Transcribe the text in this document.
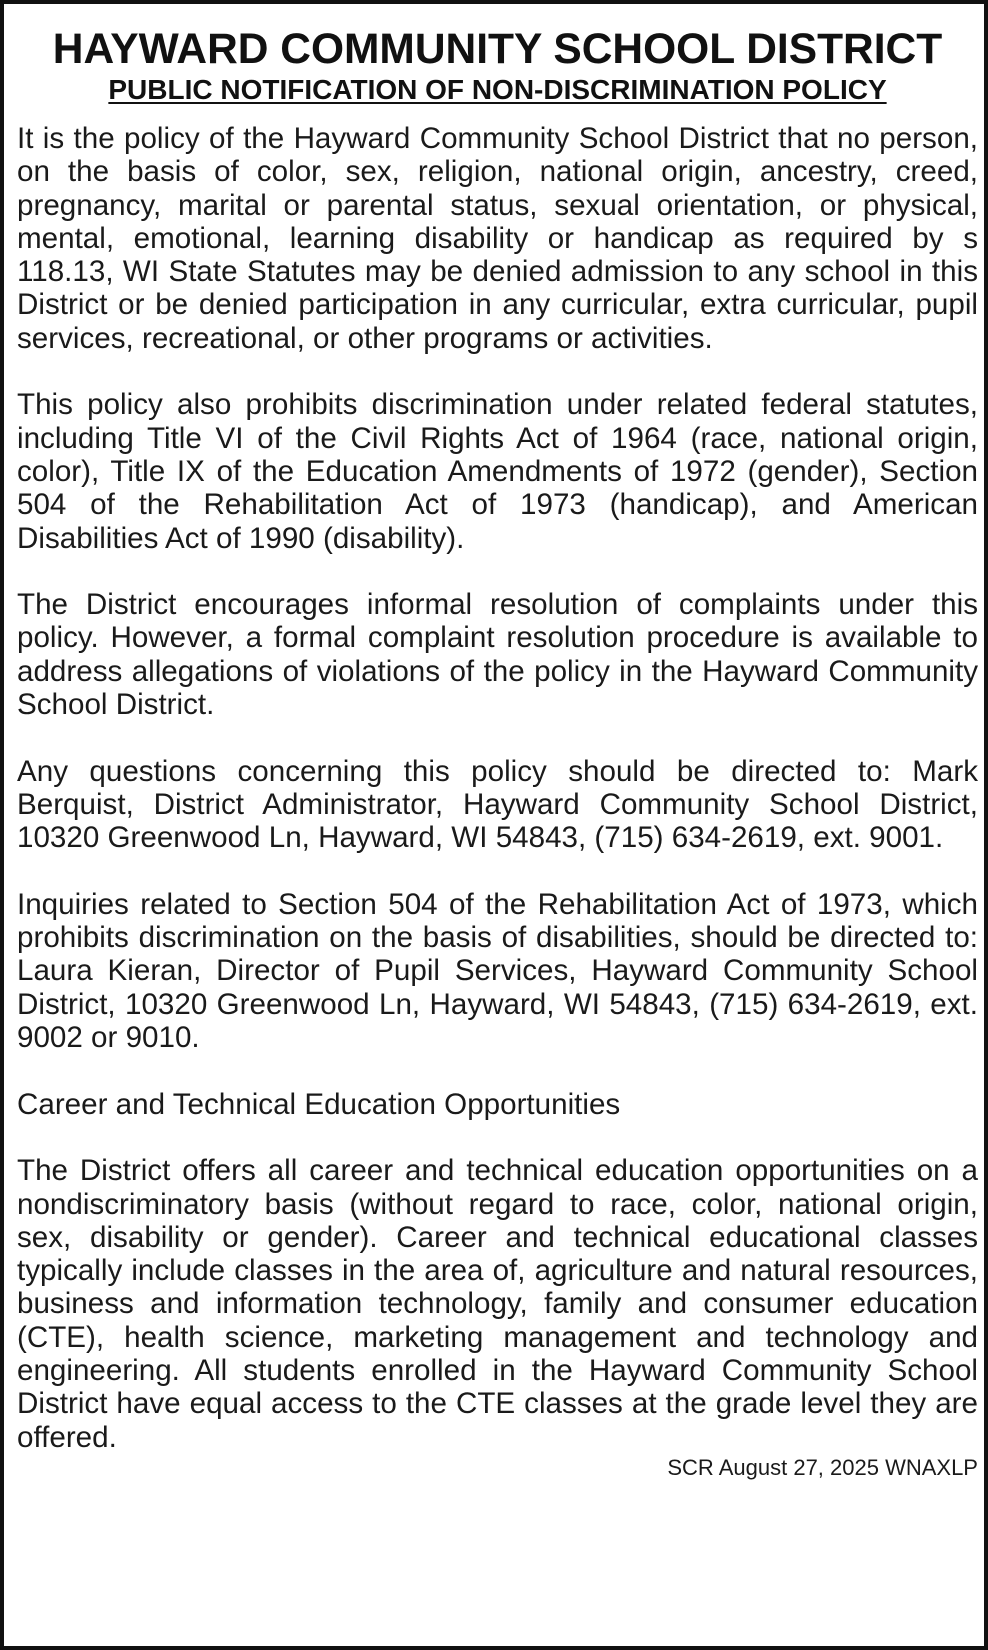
HAYWARD COMMUNITY SCHOOL DISTRICT
PUBLIC NOTIFICATION OF NON-DISCRIMINATION POLICY

It is the policy of the Hayward Community School District that no person, on the basis of color, sex, religion, national origin, ancestry, creed, pregnancy, marital or parental status, sexual orientation, or physical, mental, emotional, learning disability or handicap as required by s 118.13, WI State Statutes may be denied admission to any school in this District or be denied participation in any curricular, extra curricular, pupil services, recreational, or other programs or activities.

This policy also prohibits discrimination under related federal statutes, including Title VI of the Civil Rights Act of 1964 (race, national origin, color), Title IX of the Education Amendments of 1972 (gender), Section 504 of the Rehabilitation Act of 1973 (handicap), and American Disabilities Act of 1990 (disability).

The District encourages informal resolution of complaints under this policy. However, a formal complaint resolution procedure is available to address allegations of violations of the policy in the Hayward Community School District.

Any questions concerning this policy should be directed to: Mark Berquist, District Administrator, Hayward Community School District, 10320 Greenwood Ln, Hayward, WI 54843, (715) 634-2619, ext. 9001.

Inquiries related to Section 504 of the Rehabilitation Act of 1973, which prohibits discrimination on the basis of disabilities, should be directed to: Laura Kieran, Director of Pupil Services, Hayward Community School District, 10320 Greenwood Ln, Hayward, WI 54843, (715) 634-2619, ext. 9002 or 9010.

Career and Technical Education Opportunities

The District offers all career and technical education opportunities on a nondiscriminatory basis (without regard to race, color, national origin, sex, disability or gender). Career and technical educational classes typically include classes in the area of, agriculture and natural resources, business and information technology, family and consumer education (CTE), health science, marketing management and technology and engineering. All students enrolled in the Hayward Community School District have equal access to the CTE classes at the grade level they are offered.

SCR August 27, 2025 WNAXLP
